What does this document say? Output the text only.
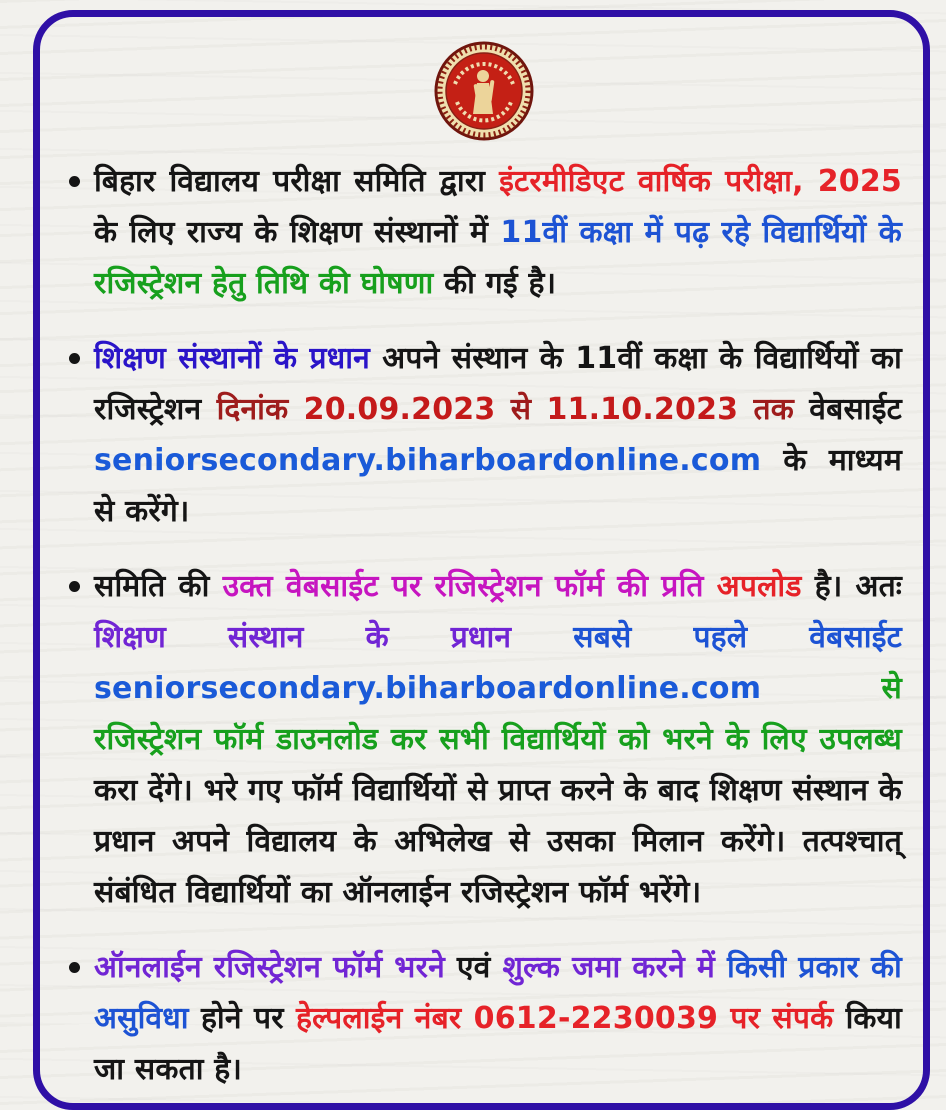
बिहार विद्यालय परीक्षा समिति द्वारा इंटरमीडिएट वार्षिक परीक्षा, 2025 के लिए राज्य के शिक्षण संस्थानों में 11वीं कक्षा में पढ़ रहे विद्यार्थियों के रजिस्ट्रेशन हेतु तिथि की घोषणा की गई है।

शिक्षण संस्थानों के प्रधान अपने संस्थान के 11वीं कक्षा के विद्यार्थियों का रजिस्ट्रेशन दिनांक 20.09.2023 से 11.10.2023 तक वेबसाईट seniorsecondary.biharboardonline.com के माध्यम से करेंगे।

समिति की उक्त वेबसाईट पर रजिस्ट्रेशन फॉर्म की प्रति अपलोड है। अतः शिक्षण संस्थान के प्रधान सबसे पहले वेबसाईट seniorsecondary.biharboardonline.com से रजिस्ट्रेशन फॉर्म डाउनलोड कर सभी विद्यार्थियों को भरने के लिए उपलब्ध करा देंगे। भरे गए फॉर्म विद्यार्थियों से प्राप्त करने के बाद शिक्षण संस्थान के प्रधान अपने विद्यालय के अभिलेख से उसका मिलान करेंगे। तत्पश्चात् संबंधित विद्यार्थियों का ऑनलाईन रजिस्ट्रेशन फॉर्म भरेंगे।

ऑनलाईन रजिस्ट्रेशन फॉर्म भरने एवं शुल्क जमा करने में किसी प्रकार की असुविधा होने पर हेल्पलाईन नंबर 0612-2230039 पर संपर्क किया जा सकता है।
